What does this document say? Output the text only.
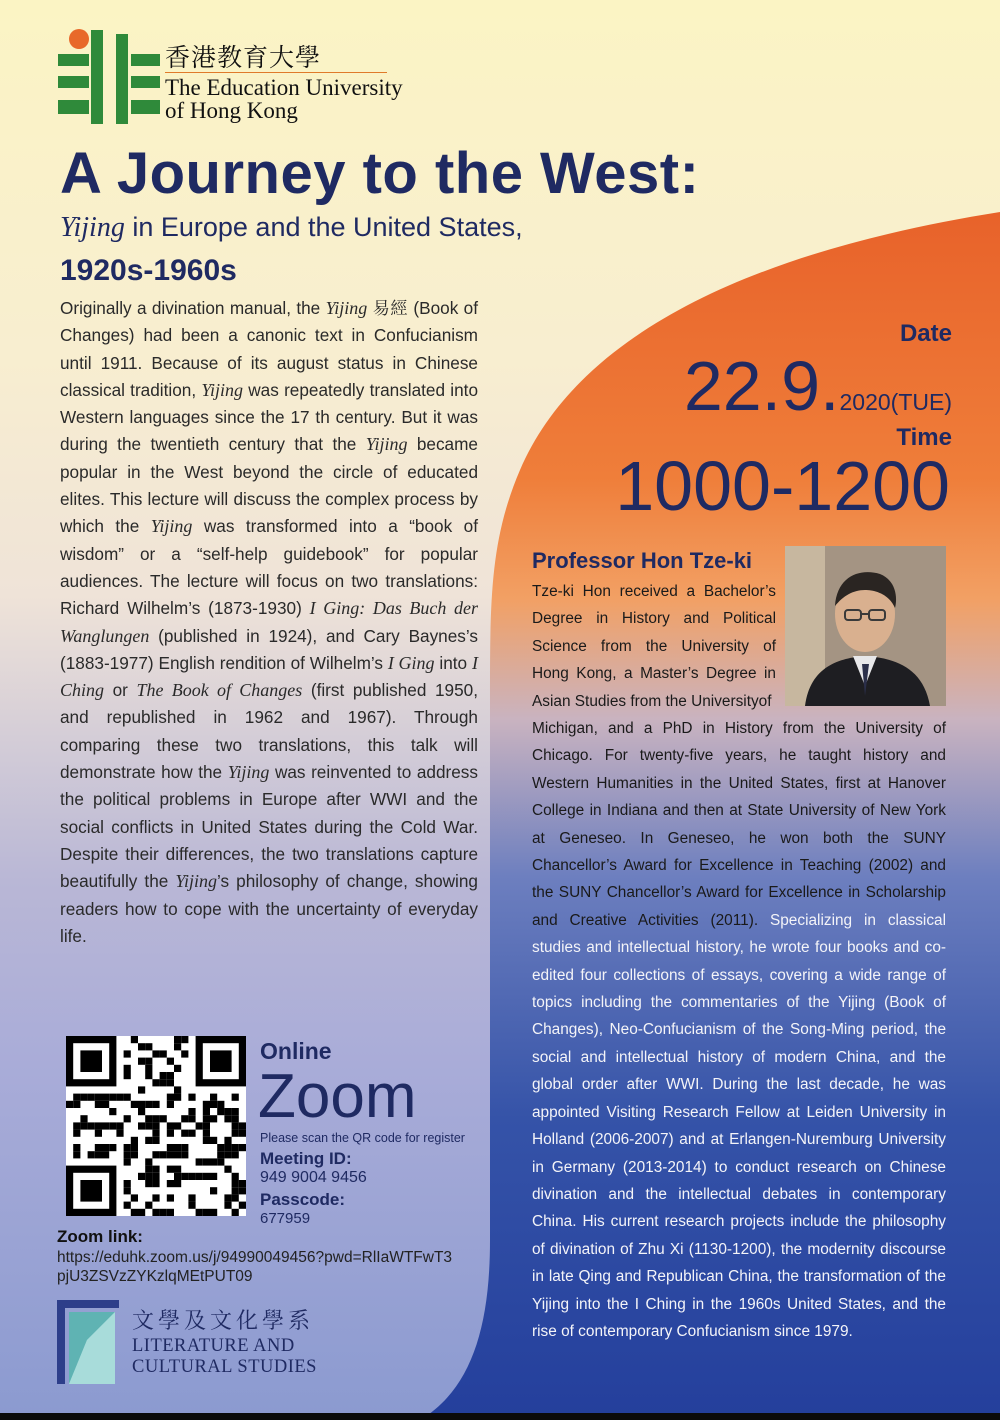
香港教育大學
The Education University
of Hong Kong
A Journey to the West:
Yijing in Europe and the United States,
1920s-1960s
Originally a divination manual, the Yijing 易經 (Book of Changes) had been a canonic text in Confucianism until 1911. Because of its august status in Chinese classical tradition, Yijing was repeatedly translated into Western languages since the 17 th century. But it was during the twentieth century that the Yijing became popular in the West beyond the circle of educated elites. This lecture will discuss the complex process by which the Yijing was transformed into a “book of wisdom” or a “self-help guidebook” for popular audiences. The lecture will focus on two translations: Richard Wilhelm’s (1873-1930) I Ging: Das Buch der Wanglungen (published in 1924), and Cary Baynes’s (1883-1977) English rendition of Wilhelm’s I Ging into I Ching or The Book of Changes (first published 1950, and republished in 1962 and 1967). Through comparing these two translations, this talk will demonstrate how the Yijing was reinvented to address the political problems in Europe after WWI and the social conflicts in United States during the Cold War. Despite their differences, the two translations capture beautifully the Yijing’s philosophy of change, showing readers how to cope with the uncertainty of everyday life.
Date
22.9.2020(TUE)
Time
1000-1200
Professor Hon Tze-ki
Tze-ki Hon received a Bachelor’s Degree in History and Political Science from the University of Hong Kong, a Master’s Degree in Asian Studies from the Universityof
Michigan, and a PhD in History from the University of Chicago. For twenty-five years, he taught history and Western Humanities in the United States, first at Hanover College in Indiana and then at State University of New York at Geneseo. In Geneseo, he won both the SUNY Chancellor’s Award for Excellence in Teaching (2002) and the SUNY Chancellor’s Award for Excellence in Scholarship and Creative Activities (2011). Specializing in classical studies and intellectual history, he wrote four books and co-edited four collections of essays, covering a wide range of topics including the commentaries of the Yijing (Book of Changes), Neo-Confucianism of the Song-Ming period, the social and intellectual history of modern China, and the global order after WWI. During the last decade, he was appointed Visiting Research Fellow at Leiden University in Holland (2006-2007) and at Erlangen-Nuremburg University in Germany (2013-2014) to conduct research on Chinese divination and the intellectual debates in contemporary China. His current research projects include the philosophy of divination of Zhu Xi (1130-1200), the modernity discourse in late Qing and Republican China, the transformation of the Yijing into the I Ching in the 1960s United States, and the rise of contemporary Confucianism since 1979.
Online
Zoom
Please scan the QR code for register
Meeting ID:
949 9004 9456
Passcode:
677959
Zoom link:
https://eduhk.zoom.us/j/94990049456?pwd=RlIaWTFwT3pjU3ZSVzZYKzlqMEtPUT09
文學及文化學系
LITERATURE AND
CULTURAL STUDIES
